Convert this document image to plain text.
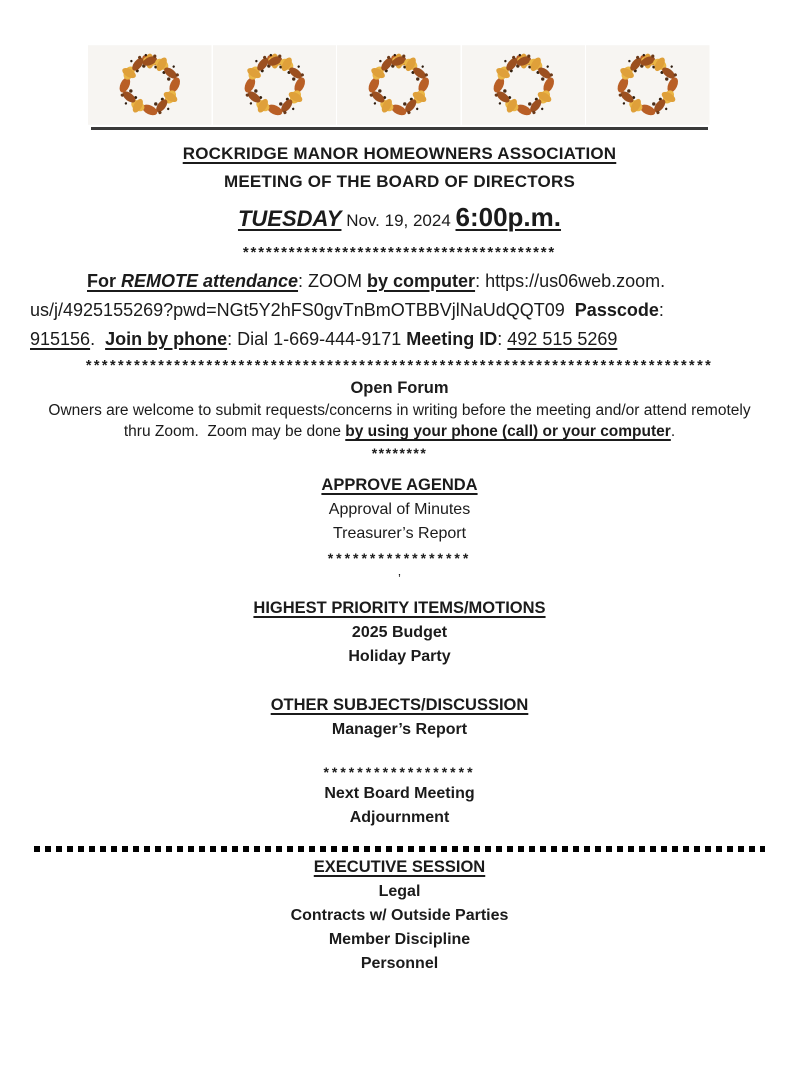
ROCKRIDGE MANOR HOMEOWNERS ASSOCIATION
MEETING OF THE BOARD OF DIRECTORS
TUESDAY Nov. 19, 2024 6:00p.m.
*****************************************
For REMOTE attendance: ZOOM by computer: https://us06web.zoom.
us/j/4925155269?pwd=NGt5Y2hFS0gvTnBmOTBBVjlNaUdQQT09 Passcode:
915156.  Join by phone: Dial 1-669-444-9171 Meeting ID: 492 515 5269
******************************************************************************
Open Forum
Owners are welcome to submit requests/concerns in writing before the meeting and/or attend remotely
thru Zoom.  Zoom may be done by using your phone (call) or your computer.
********
APPROVE AGENDA
Approval of Minutes
Treasurer’s Report
*****************
’
HIGHEST PRIORITY ITEMS/MOTIONS
2025 Budget
Holiday Party
OTHER SUBJECTS/DISCUSSION
Manager’s Report
******************
Next Board Meeting
Adjournment
EXECUTIVE SESSION
Legal
Contracts w/ Outside Parties
Member Discipline
Personnel
